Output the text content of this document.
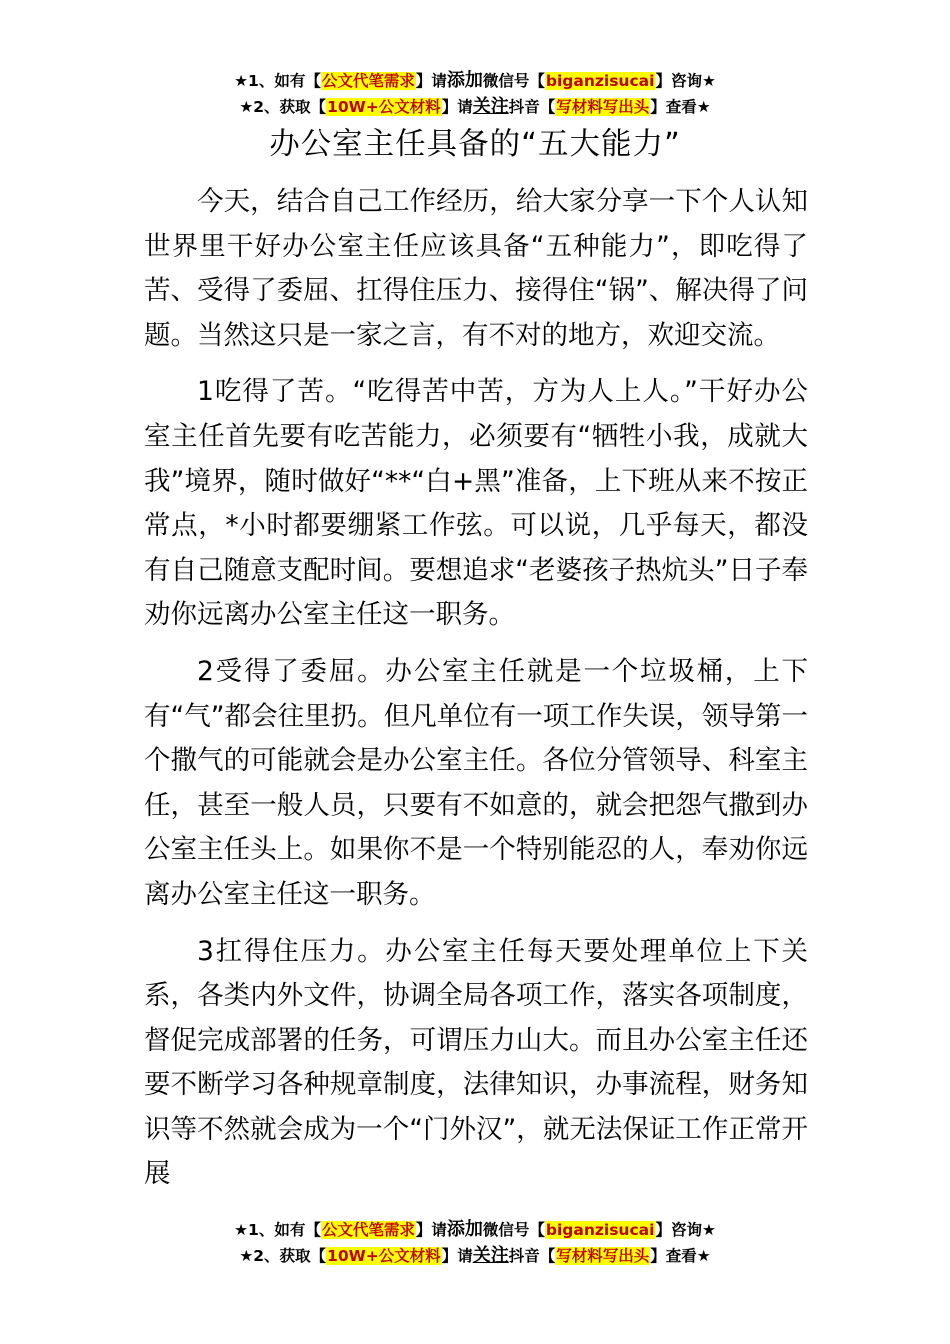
★1、如有【公文代笔需求】请添加微信号【biganzisucai】咨询★
★2、获取【10W+公文材料】请关注抖音【写材料写出头】查看★
办公室主任具备的“五大能力”

今天，结合自己工作经历，给大家分享一下个人认知世界里干好办公室主任应该具备“五种能力”，即吃得了苦、受得了委屈、扛得住压力、接得住“锅”、解决得了问题。当然这只是一家之言，有不对的地方，欢迎交流。

1吃得了苦。“吃得苦中苦，方为人上人。”干好办公室主任首先要有吃苦能力，必须要有“牺牲小我，成就大我”境界，随时做好“**“白+黑”准备，上下班从来不按正常点，*小时都要绷紧工作弦。可以说，几乎每天，都没有自己随意支配时间。要想追求“老婆孩子热炕头”日子奉劝你远离办公室主任这一职务。

2受得了委屈。办公室主任就是一个垃圾桶，上下有“气”都会往里扔。但凡单位有一项工作失误，领导第一个撒气的可能就会是办公室主任。各位分管领导、科室主任，甚至一般人员，只要有不如意的，就会把怨气撒到办公室主任头上。如果你不是一个特别能忍的人，奉劝你远离办公室主任这一职务。

3扛得住压力。办公室主任每天要处理单位上下关系，各类内外文件，协调全局各项工作，落实各项制度，督促完成部署的任务，可谓压力山大。而且办公室主任还要不断学习各种规章制度，法律知识，办事流程，财务知识等不然就会成为一个“门外汉”，就无法保证工作正常开展

★1、如有【公文代笔需求】请添加微信号【biganzisucai】咨询★
★2、获取【10W+公文材料】请关注抖音【写材料写出头】查看★
